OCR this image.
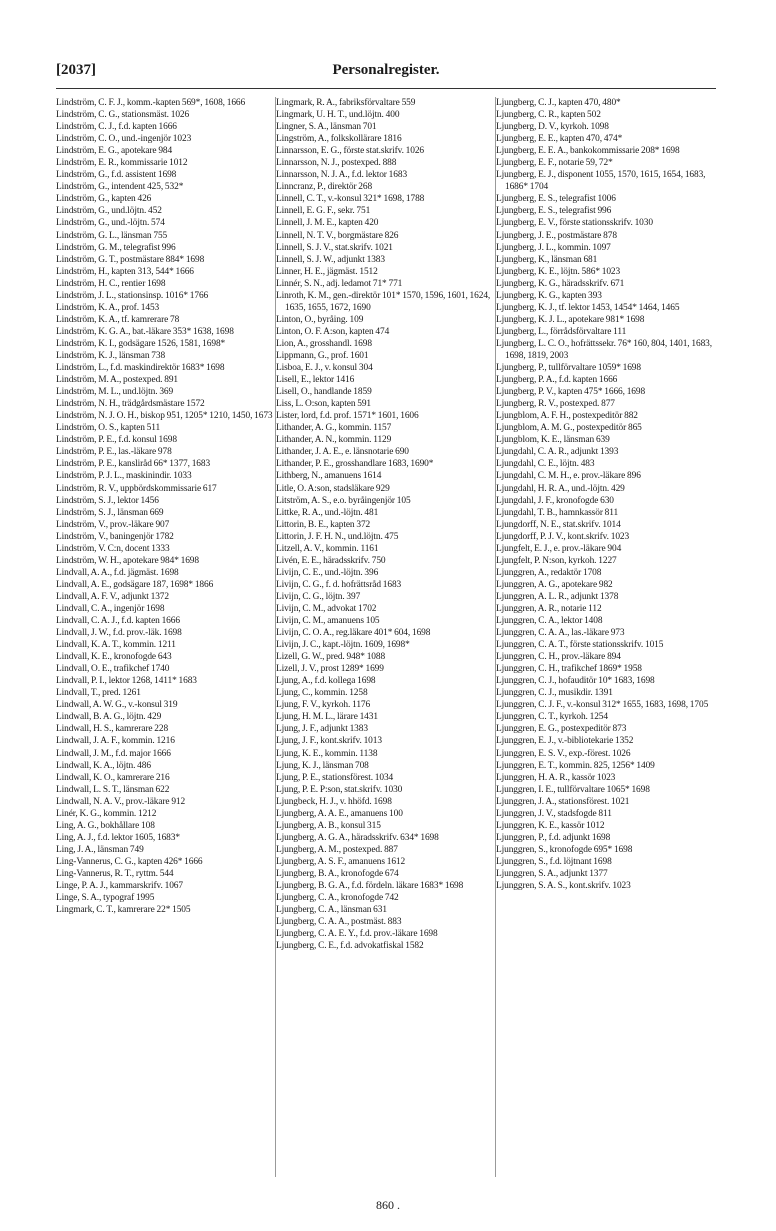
[2037]	Personalregister.
Lindström, C. F. J., komm.-kapten 569*, 1608, 1666
Lindström, C. G., stationsmäst. 1026
Lindström, C. J., f.d. kapten 1666
Lindström, C. O., und.-ingenjör 1023
Lindström, E. G., apotekare 984
Lindström, E. R., kommissarie 1012
Lindström, G., f.d. assistent 1698
Lindström, G., intendent 425, 532*
Lindström, G., kapten 426
Lindström, G., und.löjtn. 452
Lindström, G., und.-löjtn. 574
Lindström, G. L., länsman 755
Lindström, G. M., telegrafist 996
Lindström, G. T., postmästare 884* 1698
Lindström, H., kapten 313, 544* 1666
Lindström, H. C., rentier 1698
Lindström, J. L., stationsinsp. 1016* 1766
Lindström, K. A., prof. 1453
Lindström, K. A., tf. kamrerare 78
Lindström, K. G. A., bat.-läkare 353* 1638, 1698
Lindström, K. I., godsägare 1526, 1581, 1698*
Lindström, K. J., länsman 738
Lindström, L., f.d. maskindirektör 1683* 1698
Lindström, M. A., postexped. 891
Lindström, M. L., und.löjtn. 369
Lindström, N. H., trädgårdsmästare 1572
Lindström, N. J. O. H., biskop 951, 1205* 1210, 1450, 1673
Lindström, O. S., kapten 511
Lindström, P. E., f.d. konsul 1698
Lindström, P. E., las.-läkare 978
Lindström, P. E., kansliråd 66* 1377, 1683
Lindström, P. J. L., maskinindir. 1033
Lindström, R. V., uppbördskommissarie 617
Lindström, S. J., lektor 1456
Lindström, S. J., länsman 669
Lindström, V., prov.-läkare 907
Lindström, V., baningenjör 1782
Lindström, V. C:n, docent 1333
Lindström, W. H., apotekare 984* 1698
Lindvall, A. A., f.d. jägmäst. 1698
Lindvall, A. E., godsägare 187, 1698* 1866
Lindvall, A. F. V., adjunkt 1372
Lindvall, C. A., ingenjör 1698
Lindvall, C. A. J., f.d. kapten 1666
Lindvall, J. W., f.d. prov.-läk. 1698
Lindvall, K. A. T., kommin. 1211
Lindvall, K. E., kronofogde 643
Lindvall, O. E., trafikchef 1740
Lindvall, P. I., lektor 1268, 1411* 1683
Lindvall, T., pred. 1261
Lindwall, A. W. G., v.-konsul 319
Lindwall, B. A. G., löjtn. 429
Lindwall, H. S., kamrerare 228
Lindwall, J. A. F., kommin. 1216
Lindwall, J. M., f.d. major 1666
Lindwall, K. A., löjtn. 486
Lindwall, K. O., kamrerare 216
Lindwall, L. S. T., länsman 622
Lindwall, N. A. V., prov.-läkare 912
Linér, K. G., kommin. 1212
Ling, A. G., bokhållare 108
Ling, A. J., f.d. lektor 1605, 1683*
Ling, J. A., länsman 749
Ling-Vannerus, C. G., kapten 426* 1666
Ling-Vannerus, R. T., ryttm. 544
Linge, P. A. J., kammarskrifv. 1067
Linge, S. A., typograf 1995
Lingmark, C. T., kamrerare 22* 1505
Lingmark, R. A., fabriksförvaltare 559
Lingmark, U. H. T., und.löjtn. 400
Lingner, S. A., länsman 701
Lingström, A., folkskollärare 1816
Linnarsson, E. G., förste stat.skrifv. 1026
Linnarsson, N. J., postexped. 888
Linnarsson, N. J. A., f.d. lektor 1683
Linncranz, P., direktör 268
Linnell, C. T., v.-konsul 321* 1698, 1788
Linnell, E. G. F., sekr. 751
Linnell, J. M. E., kapten 420
Linnell, N. T. V., borgmästare 826
Linnell, S. J. V., stat.skrifv. 1021
Linnell, S. J. W., adjunkt 1383
Linner, H. E., jägmäst. 1512
Linnér, S. N., adj. ledamot 71* 771
Linroth, K. M., gen.-direktör 101* 1570, 1596, 1601, 1624, 1635, 1655, 1672, 1690
Linton, O., byråing. 109
Linton, O. F. A:son, kapten 474
Lion, A., grosshandl. 1698
Lippmann, G., prof. 1601
Lisboa, E. J., v. konsul 304
Lisell, E., lektor 1416
Lisell, O., handlande 1859
Liss, L. O:son, kapten 591
Lister, lord, f.d. prof. 1571* 1601, 1606
Lithander, A. G., kommin. 1157
Lithander, A. N., kommin. 1129
Lithander, J. A. E., e. länsnotarie 690
Lithander, P. E., grosshandlare 1683, 1690*
Lithberg, N., amanuens 1614
Litle, O. A:son, stadsläkare 929
Litström, A. S., e.o. byråingenjör 105
Littke, R. A., und.-löjtn. 481
Littorin, B. E., kapten 372
Littorin, J. F. H. N., und.löjtn. 475
Litzell, A. V., kommin. 1161
Livén, E. E., häradsskrifv. 750
Livijn, C. E., und.-löjtn. 396
Livijn, C. G., f. d. hofrättsråd 1683
Livijn, C. G., löjtn. 397
Livijn, C. M., advokat 1702
Livijn, C. M., amanuens 105
Livijn, C. O. A., reg.läkare 401* 604, 1698
Livijn, J. C., kapt.-löjtn. 1609, 1698*
Lizell, G. W., pred. 948* 1088
Lizell, J. V., prost 1289* 1699
Ljung, A., f.d. kollega 1698
Ljung, C., kommin. 1258
Ljung, F. V., kyrkoh. 1176
Ljung, H. M. L., lärare 1431
Ljung, J. F., adjunkt 1383
Ljung, J. F., kont.skrifv. 1013
Ljung, K. E., kommin. 1138
Ljung, K. J., länsman 708
Ljung, P. E., stationsförest. 1034
Ljung, P. E. P:son, stat.skrifv. 1030
Ljungbeck, H. J., v. hhöfd. 1698
Ljungberg, A. A. E., amanuens 100
Ljungberg, A. B., konsul 315
Ljungberg, A. G. A., häradsskrifv. 634* 1698
Ljungberg, A. M., postexped. 887
Ljungberg, A. S. F., amanuens 1612
Ljungberg, B. A., kronofogde 674
Ljungberg, B. G. A., f.d. fördeln. läkare 1683* 1698
Ljungberg, C. A., kronofogde 742
Ljungberg, C. A., länsman 631
Ljungberg, C. A. A., postmäst. 883
Ljungberg, C. A. E. Y., f.d. prov.-läkare 1698
Ljungberg, C. E., f.d. advokatfiskal 1582
Ljungberg, C. J., kapten 470, 480*
Ljungberg, C. R., kapten 502
Ljungberg, D. V., kyrkoh. 1098
Ljungberg, E. E., kapten 470, 474*
Ljungberg, E. E. A., bankokommissarie 208* 1698
Ljungberg, E. F., notarie 59, 72*
Ljungberg, E. J., disponent 1055, 1570, 1615, 1654, 1683, 1686* 1704
Ljungberg, E. S., telegrafist 1006
Ljungberg, E. S., telegrafist 996
Ljungberg, E. V., förste stationsskrifv. 1030
Ljungberg, J. E., postmästare 878
Ljungberg, J. L., kommin. 1097
Ljungberg, K., länsman 681
Ljungberg, K. E., löjtn. 586* 1023
Ljungberg, K. G., häradsskrifv. 671
Ljungberg, K. G., kapten 393
Ljungberg, K. J., tf. lektor 1453, 1454* 1464, 1465
Ljungberg, K. J. L., apotekare 981* 1698
Ljungberg, L., förrådsförvaltare 111
Ljungberg, L. C. O., hofrättssekr. 76* 160, 804, 1401, 1683, 1698, 1819, 2003
Ljungberg, P., tullförvaltare 1059* 1698
Ljungberg, P. A., f.d. kapten 1666
Ljungberg, P. V., kapten 475* 1666, 1698
Ljungberg, R. V., postexped. 877
Ljungblom, A. F. H., postexpeditör 882
Ljungblom, A. M. G., postexpeditör 865
Ljungblom, K. E., länsman 639
Ljungdahl, C. A. R., adjunkt 1393
Ljungdahl, C. E., löjtn. 483
Ljungdahl, C. M. H., e. prov.-läkare 896
Ljungdahl, H. R. A., und.-löjtn. 429
Ljungdahl, J. F., kronofogde 630
Ljungdahl, T. B., hamnkassör 811
Ljungdorff, N. E., stat.skrifv. 1014
Ljungdorff, P. J. V., kont.skrifv. 1023
Ljungfelt, E. J., e. prov.-läkare 904
Ljungfelt, P. N:son, kyrkoh. 1227
Ljunggren, A., redaktör 1708
Ljunggren, A. G., apotekare 982
Ljunggren, A. L. R., adjunkt 1378
Ljunggren, A. R., notarie 112
Ljunggren, C. A., lektor 1408
Ljunggren, C. A. A., las.-läkare 973
Ljunggren, C. A. T., förste stationsskrifv. 1015
Ljunggren, C. H., prov.-läkare 894
Ljunggren, C. H., trafikchef 1869* 1958
Ljunggren, C. J., hofauditör 10* 1683, 1698
Ljunggren, C. J., musikdir. 1391
Ljunggren, C. J. F., v.-konsul 312* 1655, 1683, 1698, 1705
Ljunggren, C. T., kyrkoh. 1254
Ljunggren, E. G., postexpeditör 873
Ljunggren, E. J., v.-bibliotekarie 1352
Ljunggren, E. S. V., exp.-förest. 1026
Ljunggren, E. T., kommin. 825, 1256* 1409
Ljunggren, H. A. R., kassör 1023
Ljunggren, I. E., tullförvaltare 1065* 1698
Ljunggren, J. A., stationsförest. 1021
Ljunggren, J. V., stadsfogde 811
Ljunggren, K. E., kassör 1012
Ljunggren, P., f.d. adjunkt 1698
Ljunggren, S., kronofogde 695* 1698
Ljunggren, S., f.d. löjtnant 1698
Ljunggren, S. A., adjunkt 1377
Ljunggren, S. A. S., kont.skrifv. 1023
860 .
